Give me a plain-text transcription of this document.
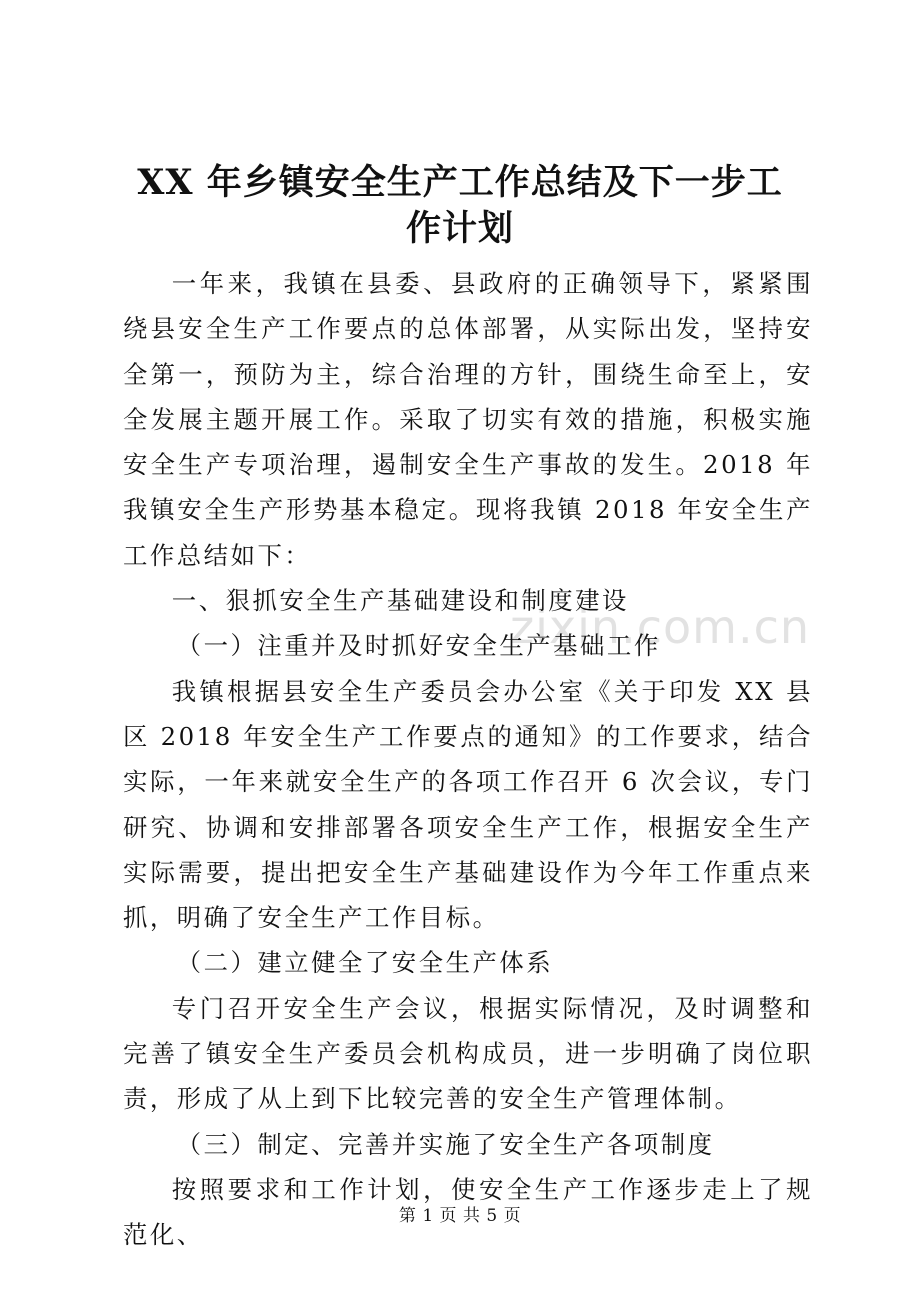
zixin.com.cn
XX 年乡镇安全生产工作总结及下一步工作计划

一年来，我镇在县委、县政府的正确领导下，紧紧围绕县安全生产工作要点的总体部署，从实际出发，坚持安全第一，预防为主，综合治理的方针，围绕生命至上，安全发展主题开展工作。采取了切实有效的措施，积极实施安全生产专项治理，遏制安全生产事故的发生。2018 年我镇安全生产形势基本稳定。现将我镇 2018 年安全生产工作总结如下：

一、狠抓安全生产基础建设和制度建设

（一）注重并及时抓好安全生产基础工作

我镇根据县安全生产委员会办公室《关于印发 XX 县区 2018 年安全生产工作要点的通知》的工作要求，结合实际，一年来就安全生产的各项工作召开 6 次会议，专门研究、协调和安排部署各项安全生产工作，根据安全生产实际需要，提出把安全生产基础建设作为今年工作重点来抓，明确了安全生产工作目标。

（二）建立健全了安全生产体系

专门召开安全生产会议，根据实际情况，及时调整和完善了镇安全生产委员会机构成员，进一步明确了岗位职责，形成了从上到下比较完善的安全生产管理体制。

（三）制定、完善并实施了安全生产各项制度

按照要求和工作计划，使安全生产工作逐步走上了规范化、

第 1 页 共 5 页
